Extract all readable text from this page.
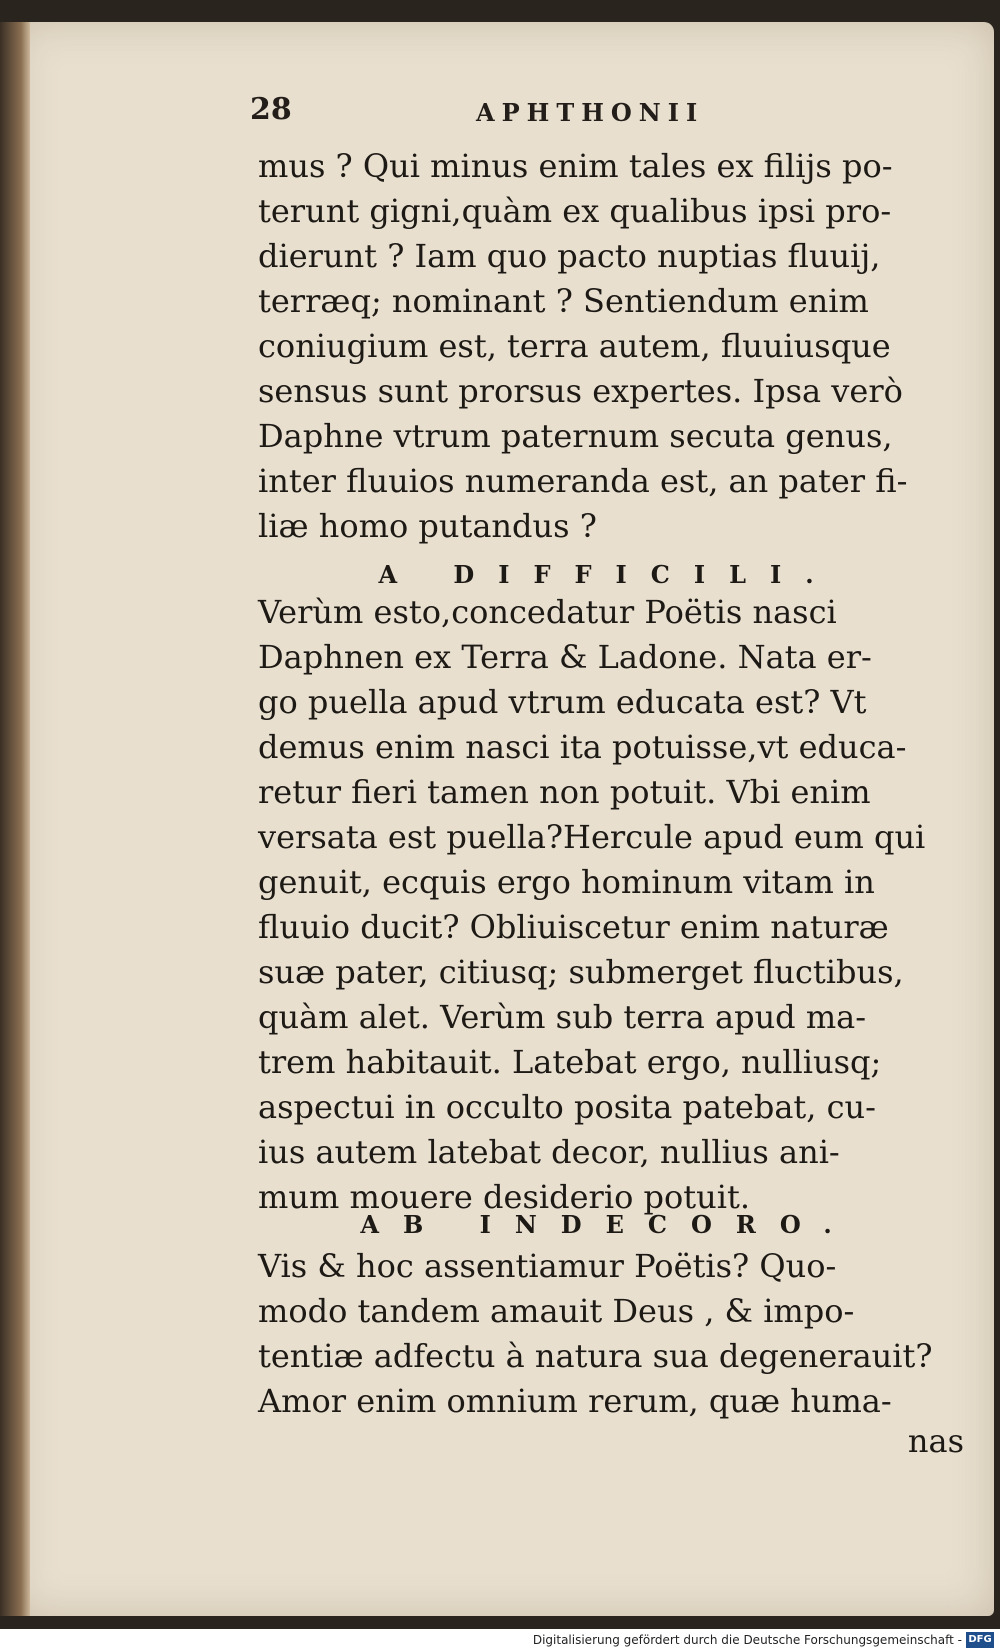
28	APHTHONII
mus ? Qui minus enim tales ex filijs po-
terunt gigni,quàm ex qualibus ipsi pro-
dierunt ? Iam quo pacto nuptias fluuij,
terræq; nominant ? Sentiendum enim
coniugium est, terra autem, fluuiusque
sensus sunt prorsus expertes. Ipsa verò
Daphne vtrum paternum secuta genus,
inter fluuios numeranda est, an pater fi-
liæ homo putandus ?
A DIFFICILI.
Verùm esto,concedatur Poëtis nasci
Daphnen ex Terra & Ladone. Nata er-
go puella apud vtrum educata est? Vt
demus enim nasci ita potuisse,vt educa-
retur fieri tamen non potuit. Vbi enim
versata est puella?Hercule apud eum qui
genuit, ecquis ergo hominum vitam in
fluuio ducit? Obliuiscetur enim naturæ
suæ pater, citiusq; submerget fluctibus,
quàm alet. Verùm sub terra apud ma-
trem habitauit. Latebat ergo, nulliusq;
aspectui in occulto posita patebat, cu-
ius autem latebat decor, nullius ani-
mum mouere desiderio potuit.
AB INDECORO.
Vis & hoc assentiamur Poëtis? Quo-
modo tandem amauit Deus , & impo-
tentiæ adfectu à natura sua degenerauit?
Amor enim omnium rerum, quæ huma-
nas
Digitalisierung gefördert durch die Deutsche Forschungsgemeinschaft - DFG
